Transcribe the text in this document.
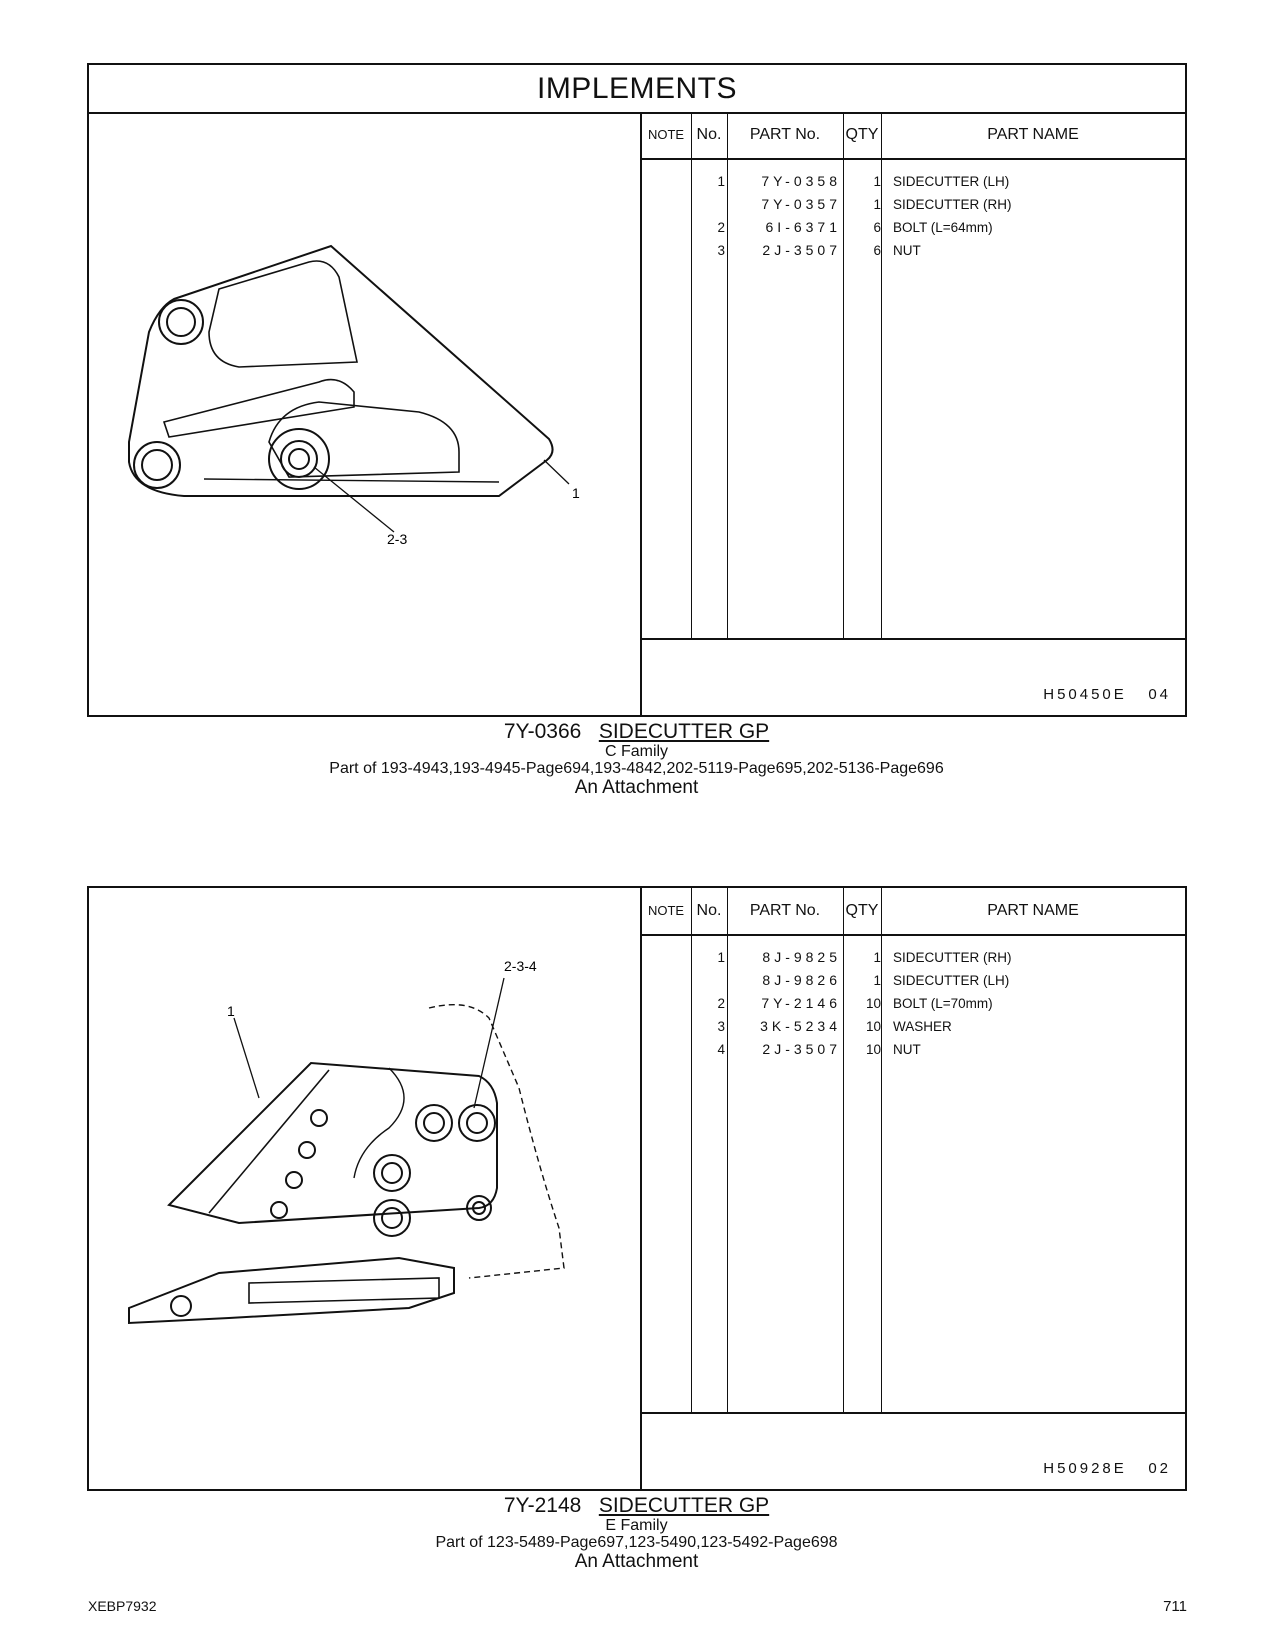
IMPLEMENTS
1
2-3
NOTE No.	PART No.	QTY	PART NAME
1	7Y-0358	1 SIDECUTTER (LH)
7Y-0357	1 SIDECUTTER (RH)
2	6I-6371	6 BOLT (L=64mm)
3	2J-3507	6 NUT
H50450E 04
7Y-0366 SIDECUTTER GP
C Family
Part of 193-4943,193-4945-Page694,193-4842,202-5119-Page695,202-5136-Page696
An Attachment
2-3-4
1
NOTE No.	PART No.	QTY	PART NAME
1	8J-9825	1 SIDECUTTER (RH)
8J-9826	1 SIDECUTTER (LH)
2	7Y-2146	10 BOLT (L=70mm)
3	3K-5234	10 WASHER
4	2J-3507	10 NUT
H50928E 02
7Y-2148 SIDECUTTER GP
E Family
Part of 123-5489-Page697,123-5490,123-5492-Page698
An Attachment
XEBP7932	711
